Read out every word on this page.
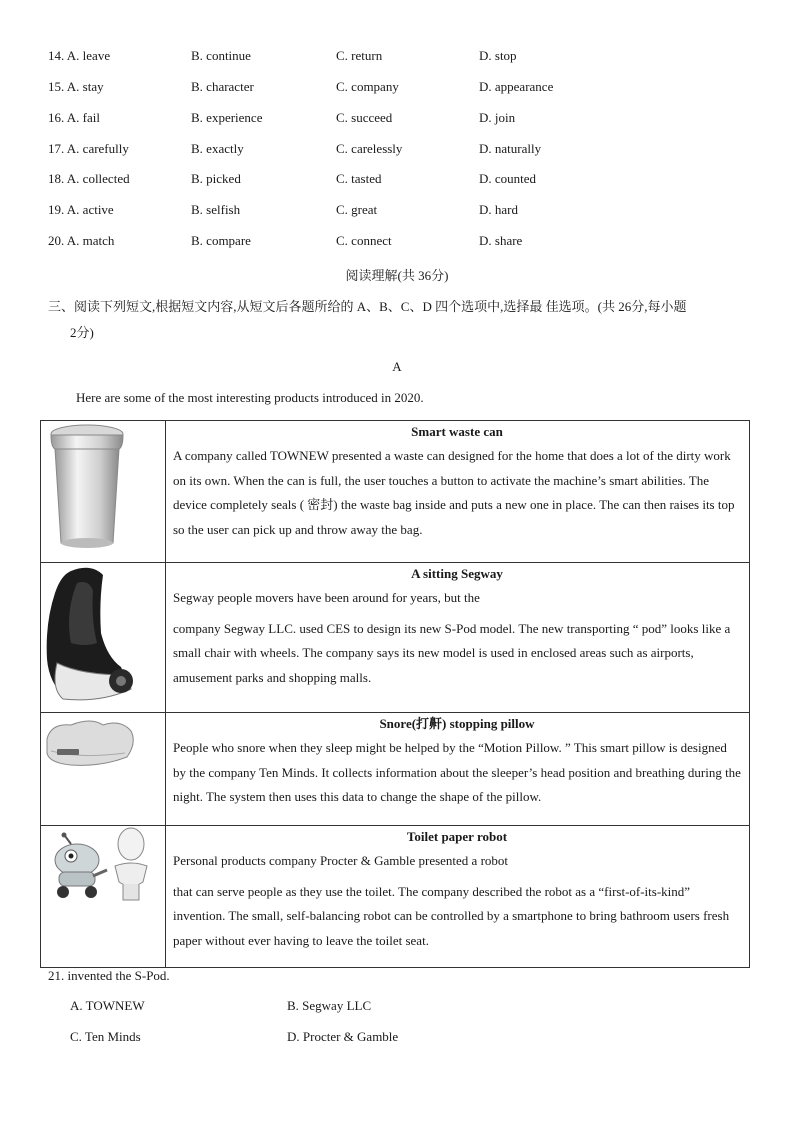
14. A. leave	B. continue	C. return	D. stop
15. A. stay	B. character	C. company	D. appearance
16. A. fail	B. experience	C. succeed	D. join
17. A. carefully	B. exactly	C. carelessly	D. naturally
18. A. collected	B. picked	C. tasted	D. counted
19. A. active	B. selfish	C. great	D. hard
20. A. match	B. compare	C. connect	D. share
阅读理解(共 36分)
三、阅读下列短文,根据短文内容,从短文后各题所给的 A、B、C、D 四个选项中,选择最 佳选项。(共 26分,每小题
2分)
A
Here are some of the most interesting products introduced in 2020.

Smart waste can
A company called TOWNEW presented a waste can designed for the home that does a lot of the dirty work on its own. When the can is full, the user touches a button to activate the machine’s smart abilities. The device completely seals ( 密封) the waste bag inside and puts a new one in place. The can then raises its top so the user can pick up and throw away the bag.

A sitting Segway
Segway people movers have been around for years, but the
company Segway LLC. used CES to design its new S-Pod model. The new transporting “ pod” looks like a small chair with wheels. The company says its new model is used in enclosed areas such as airports, amusement parks and shopping malls.

Snore(打鼾) stopping pillow
People who snore when they sleep might be helped by the “Motion Pillow. ” This smart pillow is designed by the company Ten Minds. It collects information about the sleeper’s head position and breathing during the night. The system then uses this data to change the shape of the pillow.

Toilet paper robot
Personal products company Procter & Gamble presented a robot
that can serve people as they use the toilet. The company described the robot as a “first-of-its-kind” invention. The small, self-balancing robot can be controlled by a smartphone to bring bathroom users fresh paper without ever having to leave the toilet seat.
21. invented the S-Pod.
A. TOWNEW	B. Segway LLC
C. Ten Minds	D. Procter & Gamble
